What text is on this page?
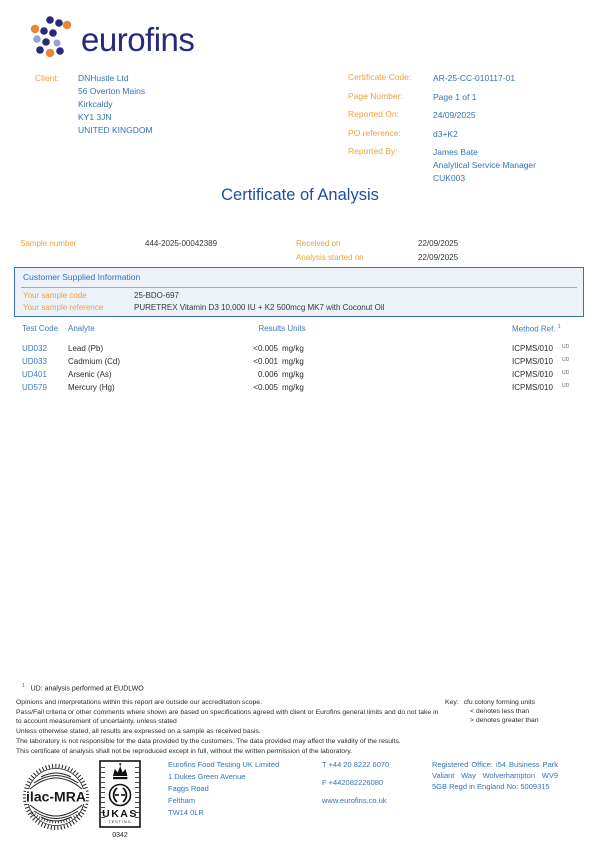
eurofins
Client:	DNHustle Ltd
56 Overton Mains
Kirkcaldy
KY1 3JN
UNITED KINGDOM
Certificate Code:	AR-25-CC-010117-01
Page Number:	Page 1 of 1
Reported On:	24/09/2025
PO reference:	d3+K2
Reported By:	James Bate
Analytical Service Manager
CUK003
Certificate of Analysis
Sample number	444-2025-00042389	Received on	22/09/2025
Analysis started on	22/09/2025
Customer Supplied Information
Your sample code	25-BDO-697
Your sample reference	PURETREX Vitamin D3 10,000 IU + K2 500mcg MK7 with Coconut Oil
Test Code Analyte	Results Units	Method Ref. $^1$
UD032	Lead (Pb)	<0.005 mg/kg	ICPMS/010 UD
UD033	Cadmium (Cd)	<0.001 mg/kg	ICPMS/010 UD
UD401	Arsenic (As)	0.006 mg/kg	ICPMS/010 UD
UD579	Mercury (Hg)	<0.005 mg/kg	ICPMS/010 UD
$^1$ UD: analysis performed at EUDLWO

Opinions and interpretations within this report are outside our accreditation scope.

Pass/Fail criteria or other comments where shown are based on specifications agreed with client or Eurofins general limits and do not take in to account measurement of uncertainty, unless stated

Unless otherwise stated, all results are expressed on a sample as received basis.

The laboratory is not responsible for the data provided by the customers. The data provided may affect the validity of the results.

This certificate of analysis shall not be reproduced except in full, without the written permission of the laboratory.

Key: cfu colony forming units
< denotes less than
> denotes greater than
ilac-MRA
UKAS
TESTING
0342
Eurofins Food Testing UK Limited
1 Dukes Green Avenue
Faggs Road
Feltham
TW14 0LR
T +44 20 8222 6070
F +442082226080
www.eurofins.co.uk
Registered Office: i54 Business Park Valiant Way Wolverhampton WV9 5GB Regd in England No: 5009315
